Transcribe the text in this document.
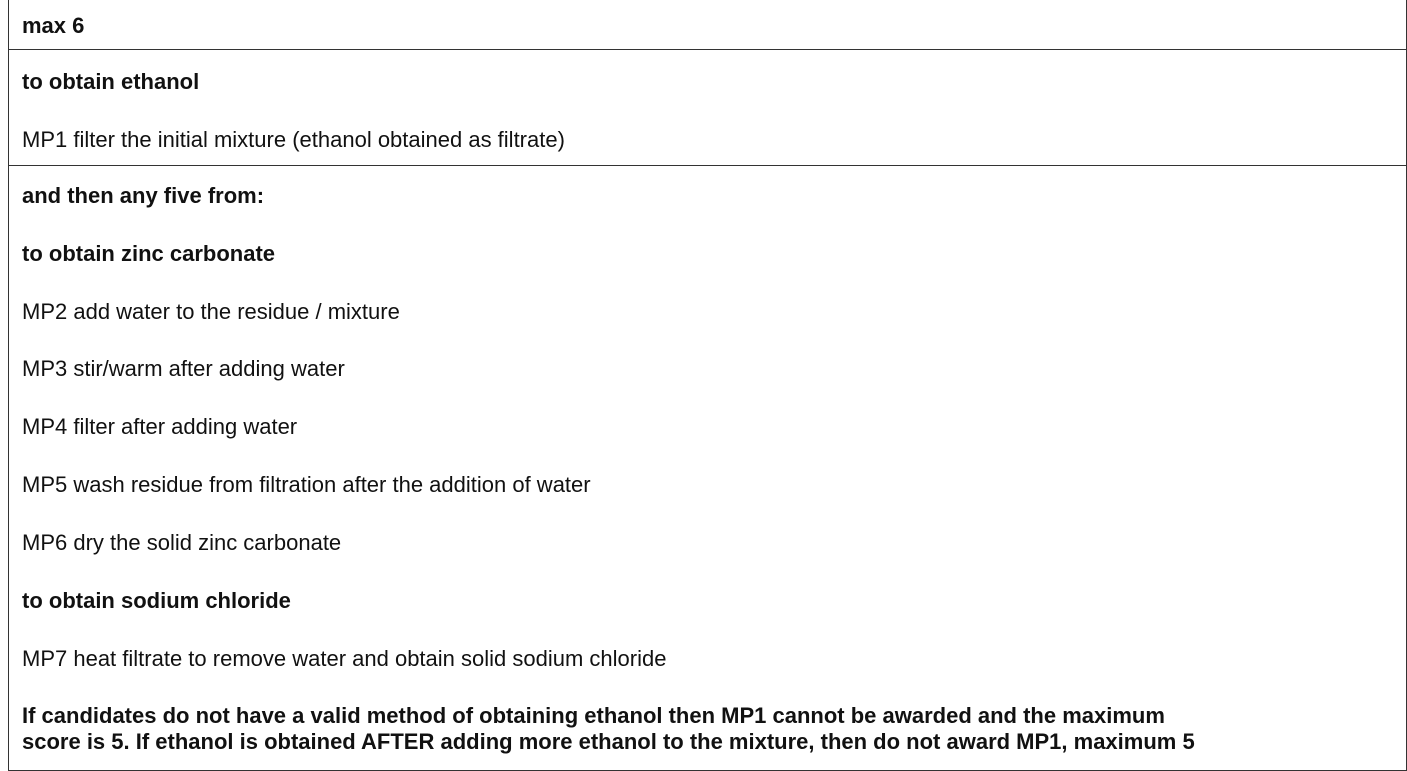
max 6
to obtain ethanol
MP1 filter the initial mixture (ethanol obtained as filtrate)
and then any five from:
to obtain zinc carbonate
MP2 add water to the residue / mixture
MP3 stir/warm after adding water
MP4 filter after adding water
MP5 wash residue from filtration after the addition of water
MP6 dry the solid zinc carbonate
to obtain sodium chloride
MP7 heat filtrate to remove water and obtain solid sodium chloride
If candidates do not have a valid method of obtaining ethanol then MP1 cannot be awarded and the maximum
score is 5. If ethanol is obtained AFTER adding more ethanol to the mixture, then do not award MP1, maximum 5
